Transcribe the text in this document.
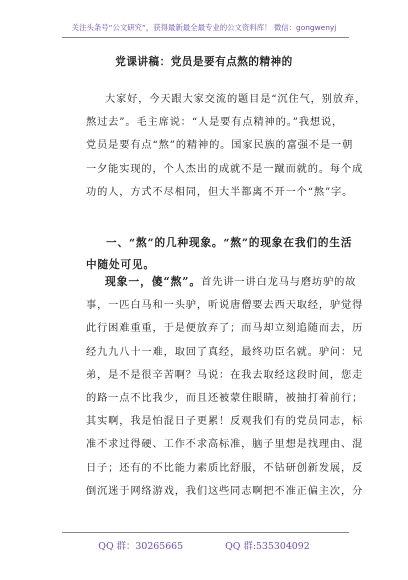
关注头条号“公文研究”，获得最新最全最专业的公文资料库！ 微信：gongwenyj
党课讲稿：党员是要有点熬的精神的
大家好，今天跟大家交流的题目是“沉住气，别放弃，
熬过去”。毛主席说：“人是要有点精神的。”我想说，
党员是要有点“熬”的精神的。国家民族的富强不是一朝
一夕能实现的，个人杰出的成就不是一蹴而就的。每个成
功的人，方式不尽相同，但大半都离不开一个“熬”字。
一、“熬”的几种现象。“熬”的现象在我们的生活
中随处可见。
现象一，傻“熬”。首先讲一讲白龙马与磨坊驴的故
事，一匹白马和一头驴，听说唐僧要去西天取经，驴觉得
此行困难重重，于是便放弃了；而马却立刻追随而去，历
经九九八十一难，取回了真经，最终功臣名就。驴问：兄
弟，是不是很辛苦啊？马说：在我去取经这段时间，您走
的路一点不比我少，而且还被蒙住眼睛，被抽打着前行；
其实啊，我是怕混日子更累！反观我们有的党员同志，标
准不求过得硬、工作不求高标准，脑子里想是找理由、混
日子；还有的不比能力素质比舒服，不钻研创新发展，反
倒沉迷于网络游戏，我们这些同志啊把不准正偏主次，分
QQ 群：30265665	QQ 群:535304092
